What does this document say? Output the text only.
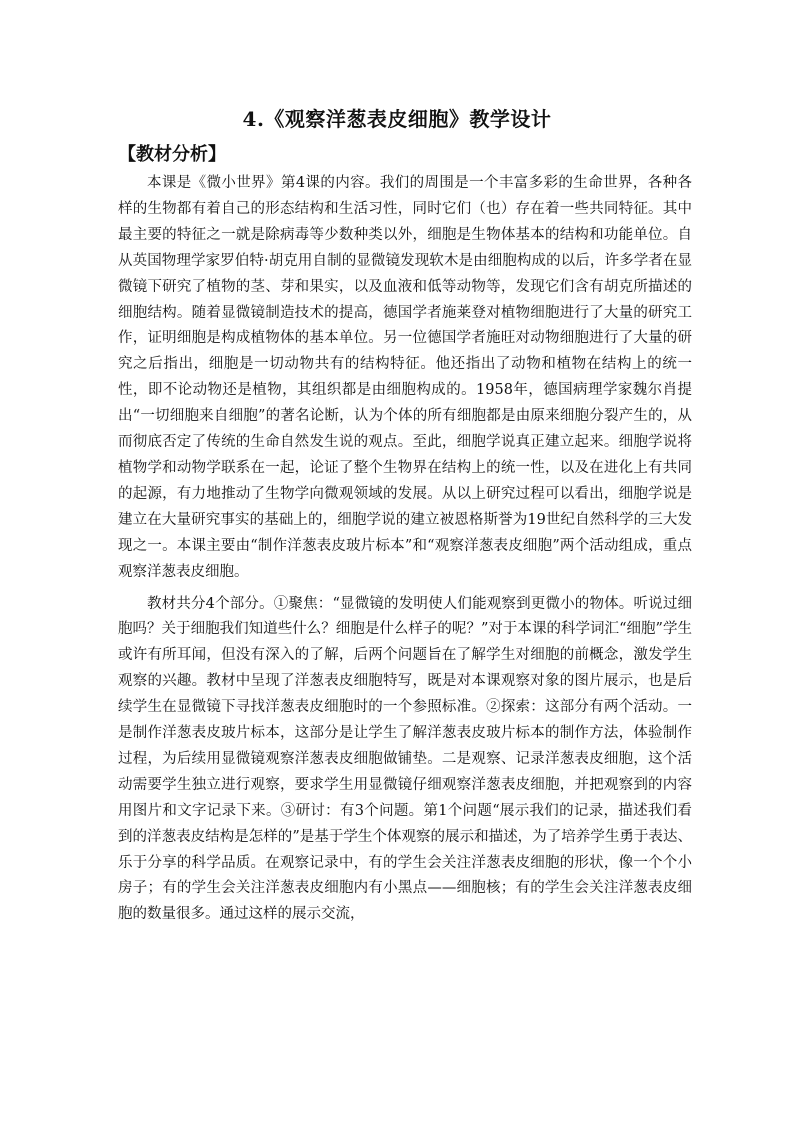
4.《观察洋葱表皮细胞》教学设计
【教材分析】

本课是《微小世界》第4课的内容。我们的周围是一个丰富多彩的生命世界，各种各样的生物都有着自己的形态结构和生活习性，同时它们（也）存在着一些共同特征。其中最主要的特征之一就是除病毒等少数种类以外，细胞是生物体基本的结构和功能单位。自从英国物理学家罗伯特·胡克用自制的显微镜发现软木是由细胞构成的以后，许多学者在显微镜下研究了植物的茎、芽和果实，以及血液和低等动物等，发现它们含有胡克所描述的细胞结构。随着显微镜制造技术的提高，德国学者施莱登对植物细胞进行了大量的研究工作，证明细胞是构成植物体的基本单位。另一位德国学者施旺对动物细胞进行了大量的研究之后指出，细胞是一切动物共有的结构特征。他还指出了动物和植物在结构上的统一性，即不论动物还是植物，其组织都是由细胞构成的。1958年，德国病理学家魏尔肖提出“一切细胞来自细胞”的著名论断，认为个体的所有细胞都是由原来细胞分裂产生的，从而彻底否定了传统的生命自然发生说的观点。至此，细胞学说真正建立起来。细胞学说将植物学和动物学联系在一起，论证了整个生物界在结构上的统一性，以及在进化上有共同的起源，有力地推动了生物学向微观领域的发展。从以上研究过程可以看出，细胞学说是建立在大量研究事实的基础上的，细胞学说的建立被恩格斯誉为19世纪自然科学的三大发现之一。本课主要由“制作洋葱表皮玻片标本”和“观察洋葱表皮细胞”两个活动组成，重点观察洋葱表皮细胞。

教材共分4个部分。①聚焦：“显微镜的发明使人们能观察到更微小的物体。听说过细胞吗？关于细胞我们知道些什么？细胞是什么样子的呢？”对于本课的科学词汇“细胞”学生或许有所耳闻，但没有深入的了解，后两个问题旨在了解学生对细胞的前概念，激发学生观察的兴趣。教材中呈现了洋葱表皮细胞特写，既是对本课观察对象的图片展示，也是后续学生在显微镜下寻找洋葱表皮细胞时的一个参照标准。②探索：这部分有两个活动。一是制作洋葱表皮玻片标本，这部分是让学生了解洋葱表皮玻片标本的制作方法，体验制作过程，为后续用显微镜观察洋葱表皮细胞做铺垫。二是观察、记录洋葱表皮细胞，这个活动需要学生独立进行观察，要求学生用显微镜仔细观察洋葱表皮细胞，并把观察到的内容用图片和文字记录下来。③研讨：有3个问题。第1个问题“展示我们的记录，描述我们看到的洋葱表皮结构是怎样的”是基于学生个体观察的展示和描述，为了培养学生勇于表达、乐于分享的科学品质。在观察记录中，有的学生会关注洋葱表皮细胞的形状，像一个个小房子；有的学生会关注洋葱表皮细胞内有小黑点——细胞核；有的学生会关注洋葱表皮细胞的数量很多。通过这样的展示交流，
